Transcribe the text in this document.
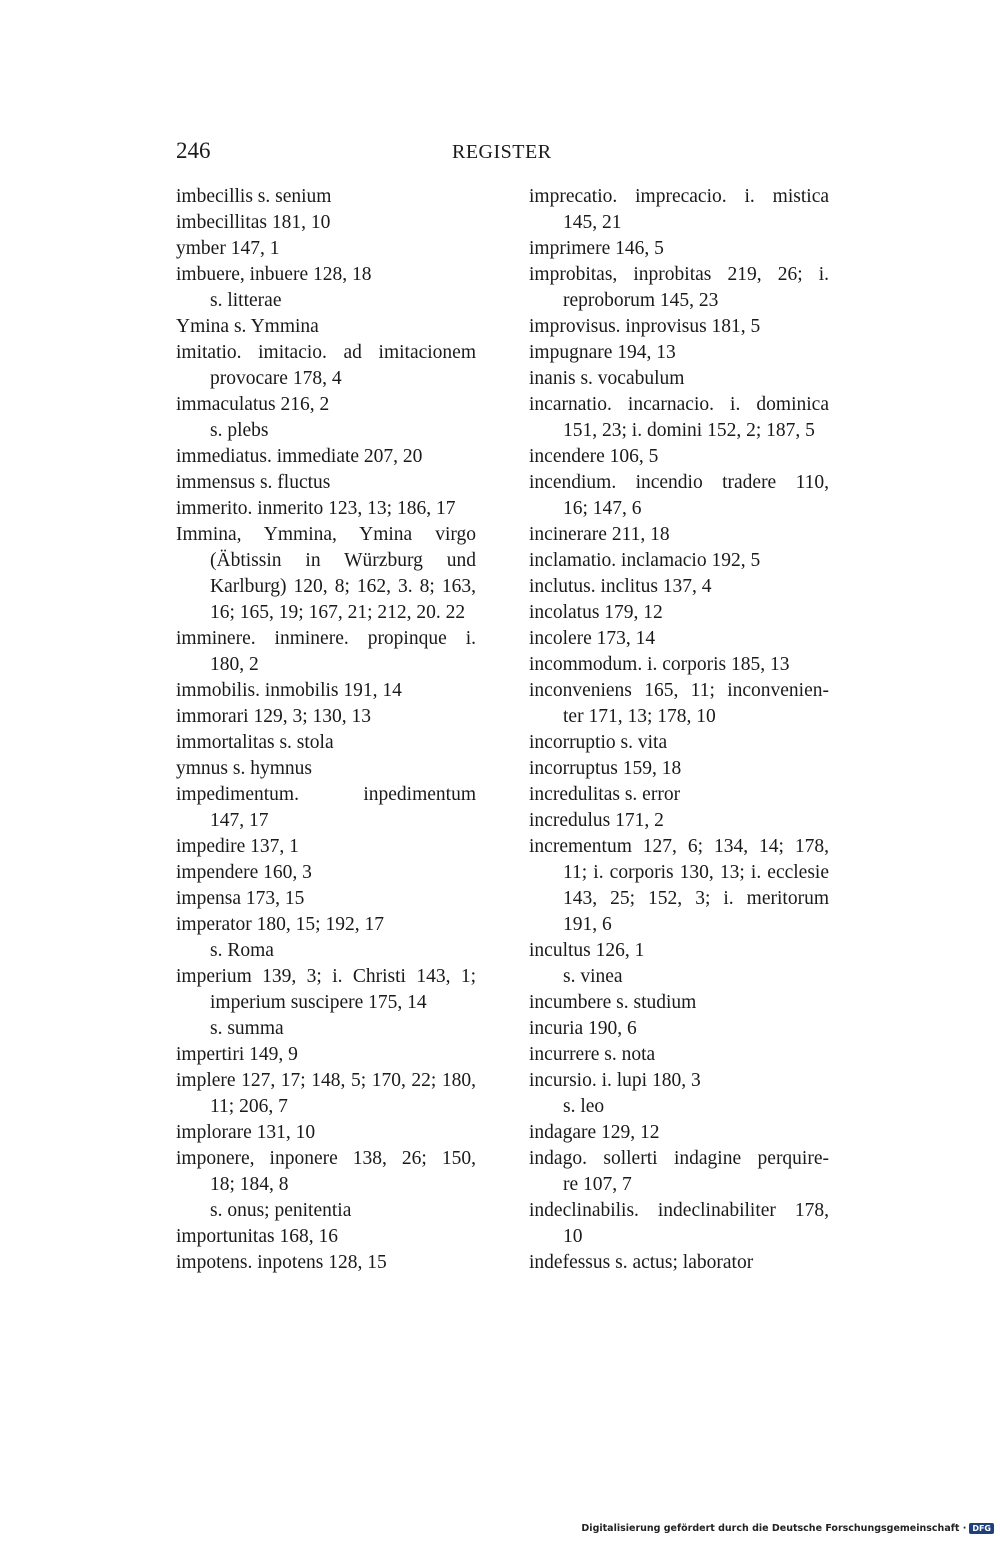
246	REGISTER
imbecillis s. senium
imbecillitas 181, 10
ymber 147, 1
imbuere, inbuere 128, 18
s. litterae
Ymina s. Ymmina
imitatio. imitacio. ad imitacionem
provocare 178, 4
immaculatus 216, 2
s. plebs
immediatus. immediate 207, 20
immensus s. fluctus
immerito. inmerito 123, 13; 186, 17
Immina, Ymmina, Ymina virgo
(Äbtissin in Würzburg und
Karlburg) 120, 8; 162, 3. 8; 163,
16; 165, 19; 167, 21; 212, 20. 22
imminere. inminere. propinque i.
180, 2
immobilis. inmobilis 191, 14
immorari 129, 3; 130, 13
immortalitas s. stola
ymnus s. hymnus
impedimentum. inpedimentum
147, 17
impedire 137, 1
impendere 160, 3
impensa 173, 15
imperator 180, 15; 192, 17
s. Roma
imperium 139, 3; i. Christi 143, 1;
imperium suscipere 175, 14
s. summa
impertiri 149, 9
implere 127, 17; 148, 5; 170, 22; 180,
11; 206, 7
implorare 131, 10
imponere, inponere 138, 26; 150,
18; 184, 8
s. onus; penitentia
importunitas 168, 16
impotens. inpotens 128, 15
imprecatio. imprecacio. i. mistica
145, 21
imprimere 146, 5
improbitas, inprobitas 219, 26; i.
reproborum 145, 23
improvisus. inprovisus 181, 5
impugnare 194, 13
inanis s. vocabulum
incarnatio. incarnacio. i. dominica
151, 23; i. domini 152, 2; 187, 5
incendere 106, 5
incendium. incendio tradere 110,
16; 147, 6
incinerare 211, 18
inclamatio. inclamacio 192, 5
inclutus. inclitus 137, 4
incolatus 179, 12
incolere 173, 14
incommodum. i. corporis 185, 13
inconveniens 165, 11; inconvenien-
ter 171, 13; 178, 10
incorruptio s. vita
incorruptus 159, 18
incredulitas s. error
incredulus 171, 2
incrementum 127, 6; 134, 14; 178,
11; i. corporis 130, 13; i. ecclesie
143, 25; 152, 3; i. meritorum
191, 6
incultus 126, 1
s. vinea
incumbere s. studium
incuria 190, 6
incurrere s. nota
incursio. i. lupi 180, 3
s. leo
indagare 129, 12
indago. sollerti indagine perquire-
re 107, 7
indeclinabilis. indeclinabiliter 178,
10
indefessus s. actus; laborator
Digitalisierung gefördert durch die Deutsche Forschungsgemeinschaft · DFG
